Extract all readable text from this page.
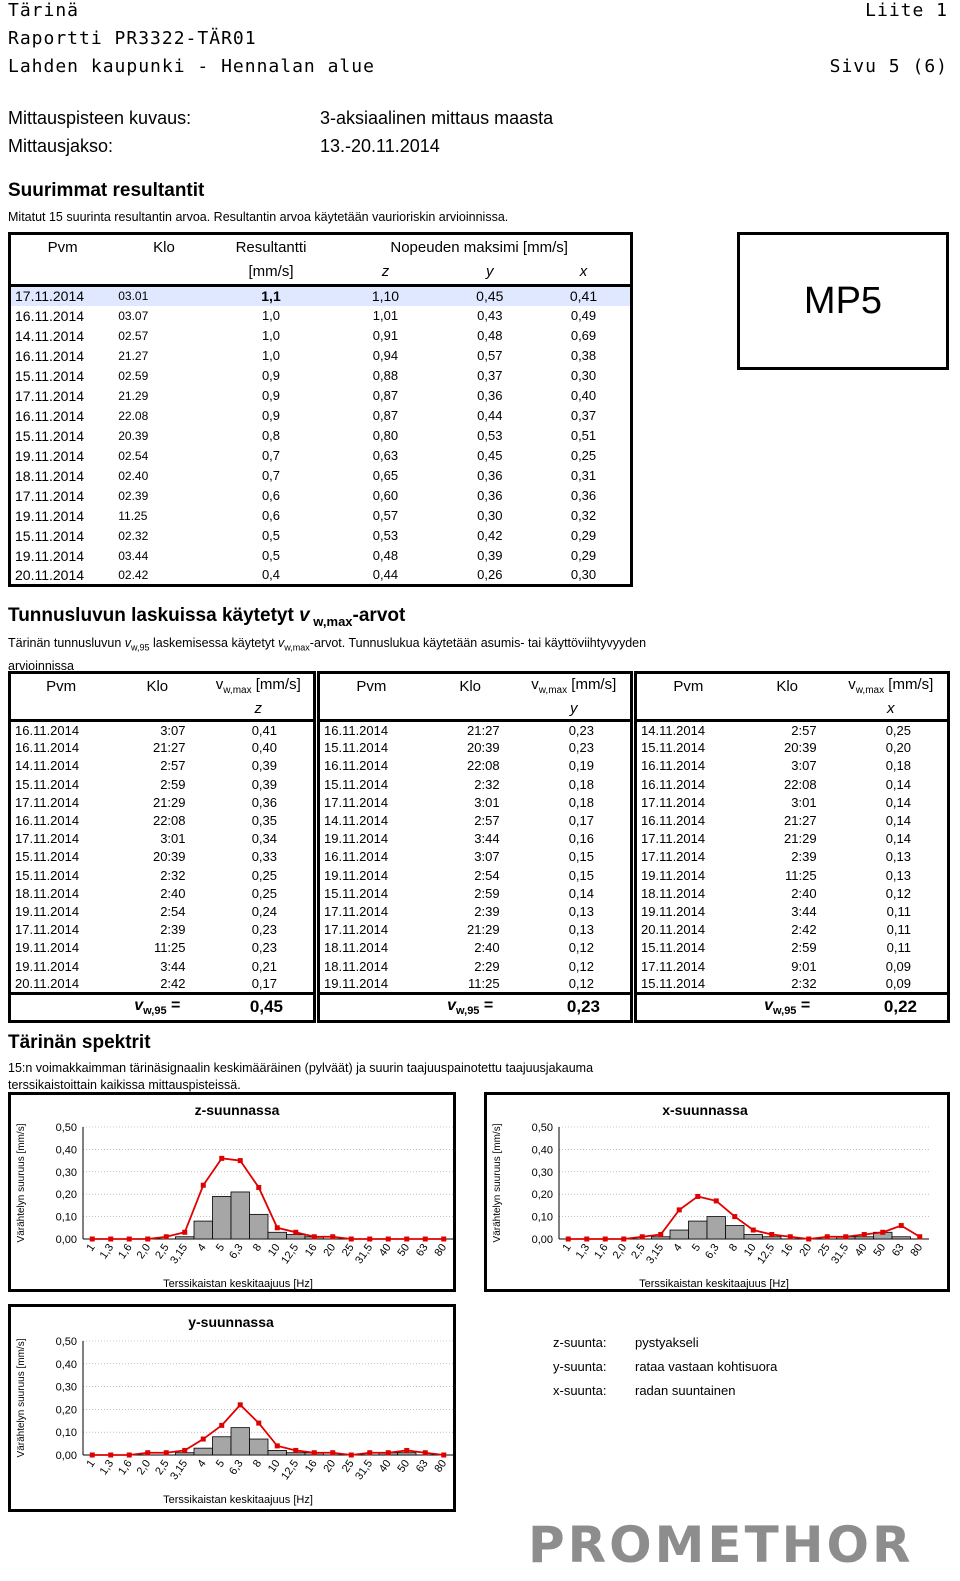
Tärinä	Liite 1
Raportti PR3322-TÄR01
Lahden kaupunki - Hennalan alue	Sivu 5 (6)
Mittauspisteen kuvaus:	3-aksiaalinen mittaus maasta
Mittausjakso:	13.-20.11.2014
Suurimmat resultantit
Mitatut 15 suurinta resultantin arvoa. Resultantin arvoa käytetään vaurioriskin arvioinnissa.
Pvm	Klo	Resultantti	Nopeuden maksimi [mm/s]		
		[mm/s]	z	y	x
17.11.2014	03.01	1,1	1,10	0,45	0,41
16.11.2014	03.07	1,0	1,01	0,43	0,49
14.11.2014	02.57	1,0	0,91	0,48	0,69
16.11.2014	21.27	1,0	0,94	0,57	0,38
15.11.2014	02.59	0,9	0,88	0,37	0,30
17.11.2014	21.29	0,9	0,87	0,36	0,40
16.11.2014	22.08	0,9	0,87	0,44	0,37
15.11.2014	20.39	0,8	0,80	0,53	0,51
19.11.2014	02.54	0,7	0,63	0,45	0,25
18.11.2014	02.40	0,7	0,65	0,36	0,31
17.11.2014	02.39	0,6	0,60	0,36	0,36
19.11.2014	11.25	0,6	0,57	0,30	0,32
15.11.2014	02.32	0,5	0,53	0,42	0,29
19.11.2014	03.44	0,5	0,48	0,39	0,29
20.11.2014	02.42	0,4	0,44	0,26	0,30
MP5
Tunnusluvun laskuissa käytetyt v $_{w,max}$-arvot
Tärinän tunnusluvun $v_{w,95}$ laskemisessa käytetyt $v_{w,max}$-arvot. Tunnuslukua käytetään asumis- tai käyttöviihtyvyyden
arvioinnissa
Pvm	Klo	$v_{w,max}$ [mm/s]
		z
16.11.2014	3:07	0,41
16.11.2014	21:27	0,40
14.11.2014	2:57	0,39
15.11.2014	2:59	0,39
17.11.2014	21:29	0,36
16.11.2014	22:08	0,35
17.11.2014	3:01	0,34
15.11.2014	20:39	0,33
15.11.2014	2:32	0,25
18.11.2014	2:40	0,25
19.11.2014	2:54	0,24
17.11.2014	2:39	0,23
19.11.2014	11:25	0,23
19.11.2014	3:44	0,21
20.11.2014	2:42	0,17
	$v_{w,95}$ =	0,45
Pvm	Klo	$v_{w,max}$ [mm/s]
		y
16.11.2014	21:27	0,23
15.11.2014	20:39	0,23
16.11.2014	22:08	0,19
15.11.2014	2:32	0,18
17.11.2014	3:01	0,18
14.11.2014	2:57	0,17
19.11.2014	3:44	0,16
16.11.2014	3:07	0,15
19.11.2014	2:54	0,15
15.11.2014	2:59	0,14
17.11.2014	2:39	0,13
17.11.2014	21:29	0,13
18.11.2014	2:40	0,12
18.11.2014	2:29	0,12
19.11.2014	11:25	0,12
	$v_{w,95}$ =	0,23
Pvm	Klo	$v_{w,max}$ [mm/s]
		x
14.11.2014	2:57	0,25
15.11.2014	20:39	0,20
16.11.2014	3:07	0,18
16.11.2014	22:08	0,14
17.11.2014	3:01	0,14
16.11.2014	21:27	0,14
17.11.2014	21:29	0,14
17.11.2014	2:39	0,13
19.11.2014	11:25	0,13
18.11.2014	2:40	0,12
19.11.2014	3:44	0,11
20.11.2014	2:42	0,11
15.11.2014	2:59	0,11
17.11.2014	9:01	0,09
15.11.2014	2:32	0,09
	$v_{w,95}$ =	0,22
Tärinän spektrit
15:n voimakkaimman tärinäsignaalin keskimääräinen (pylväät) ja suurin taajuuspainotettu taajuusjakauma
terssikaistoittain kaikissa mittauspisteissä.
z-suunnassa
Värähtelyn suuruus [mm/s]	0,00
0,10
0,20
0,30
0,40
0,50
1 1,3 1,6 2,0 2,5
3,15 4 5 6,3 8 10
12,5 16 20 25
31,5 40 50 63 80
Terssikaistan keskitaajuus [Hz]
x-suunnassa
Värähtelyn suuruus [mm/s]	0,00
0,10
0,20
0,30
0,40
0,50
1 1,3 1,6 2,0 2,5
3,15 4 5 6,3 8 10
12,5 16 20 25
31,5 40 50 63 80
Terssikaistan keskitaajuus [Hz]
y-suunnassa
Värähtelyn suuruus [mm/s]	0,00
0,10
0,20
0,30
0,40
0,50
1 1,3 1,6 2,0 2,5
3,15 4 5 6,3 8 10
12,5 16 20 25
31,5 40 50 63 80
Terssikaistan keskitaajuus [Hz]
z-suunta: pystyakseli
y-suunta: rataa vastaan kohtisuora
x-suunta: radan suuntainen
PROMETHOR
